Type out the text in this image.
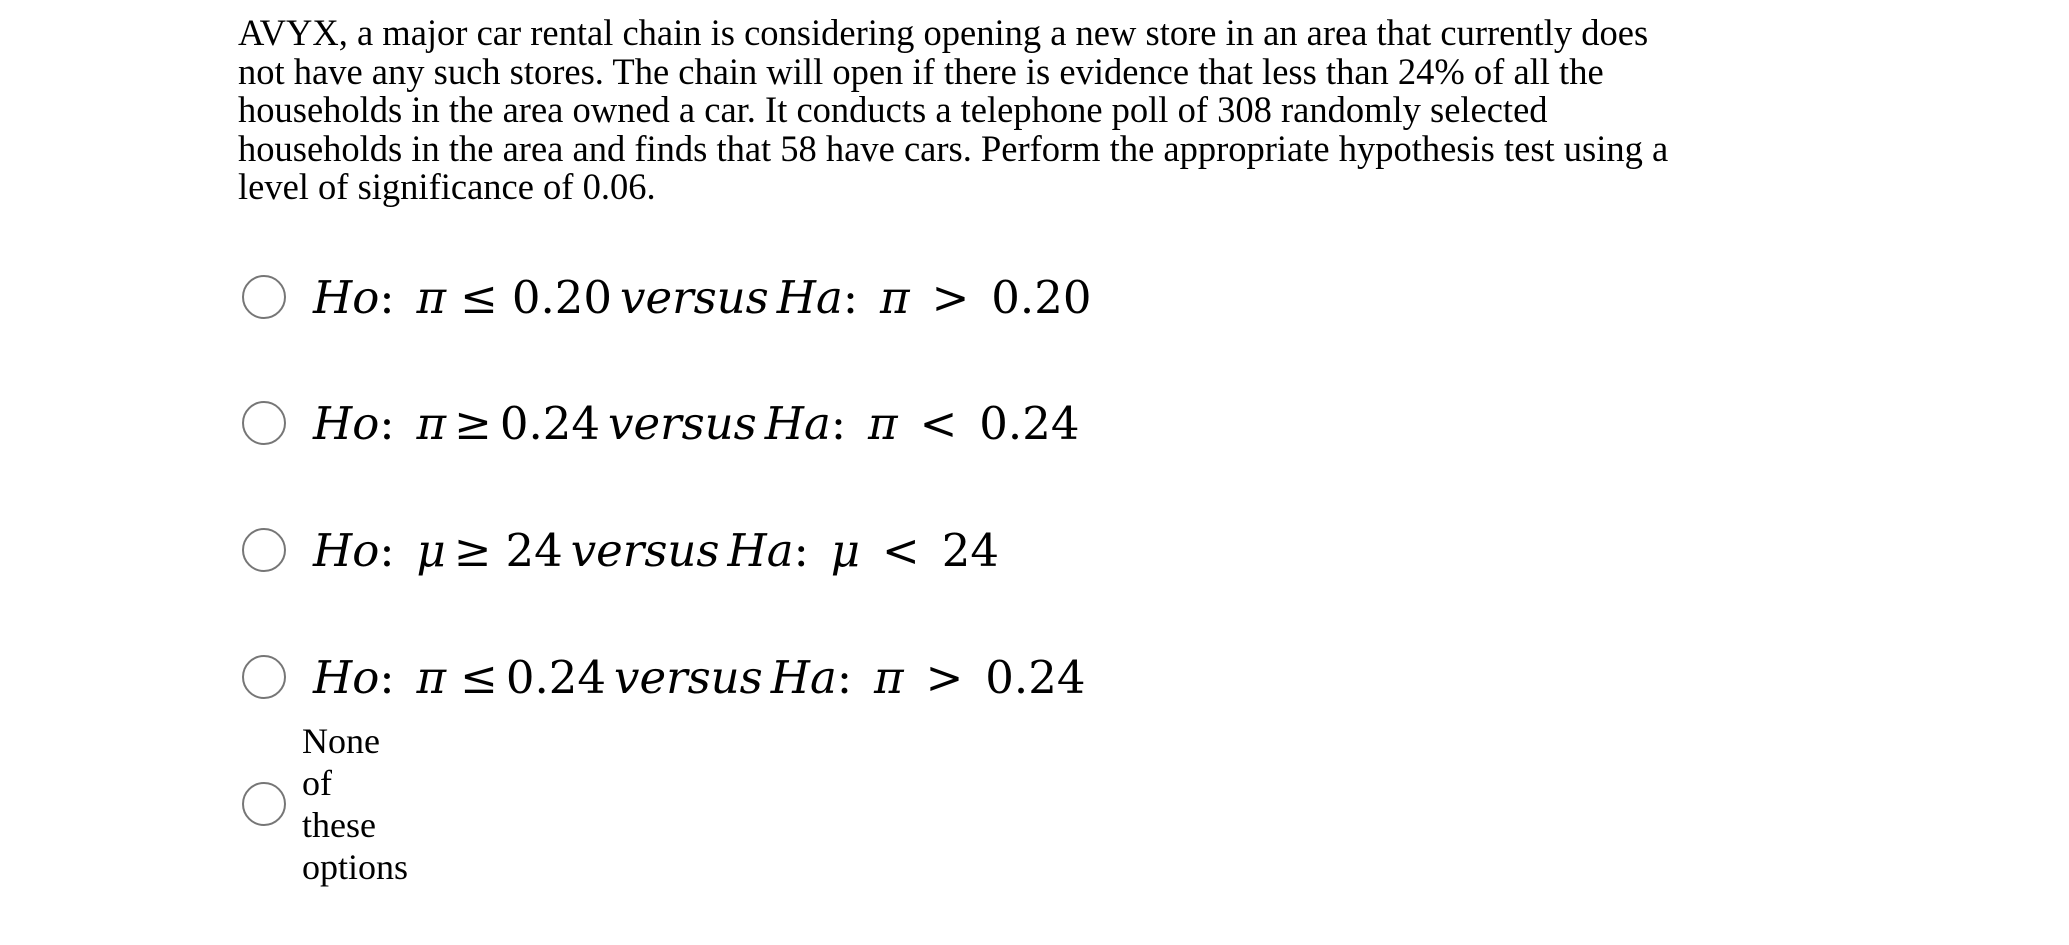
AVYX, a major car rental chain is considering opening a new store in an area that currently does not have any such stores. The chain will open if there is evidence that less than 24% of all the households in the area owned a car. It conducts a telephone poll of 308 randomly selected households in the area and finds that 58 have cars. Perform the appropriate hypothesis test using a level of significance of 0.06.

Ho : π ≤ 0.20 versus Ha : π > 0.20
Ho : π ≥ 0.24 versus Ha : π < 0.24
Ho : μ ≥ 24 versus Ha : μ < 24
Ho : π ≤ 0.24 versus Ha : π > 0.24
None of these options
